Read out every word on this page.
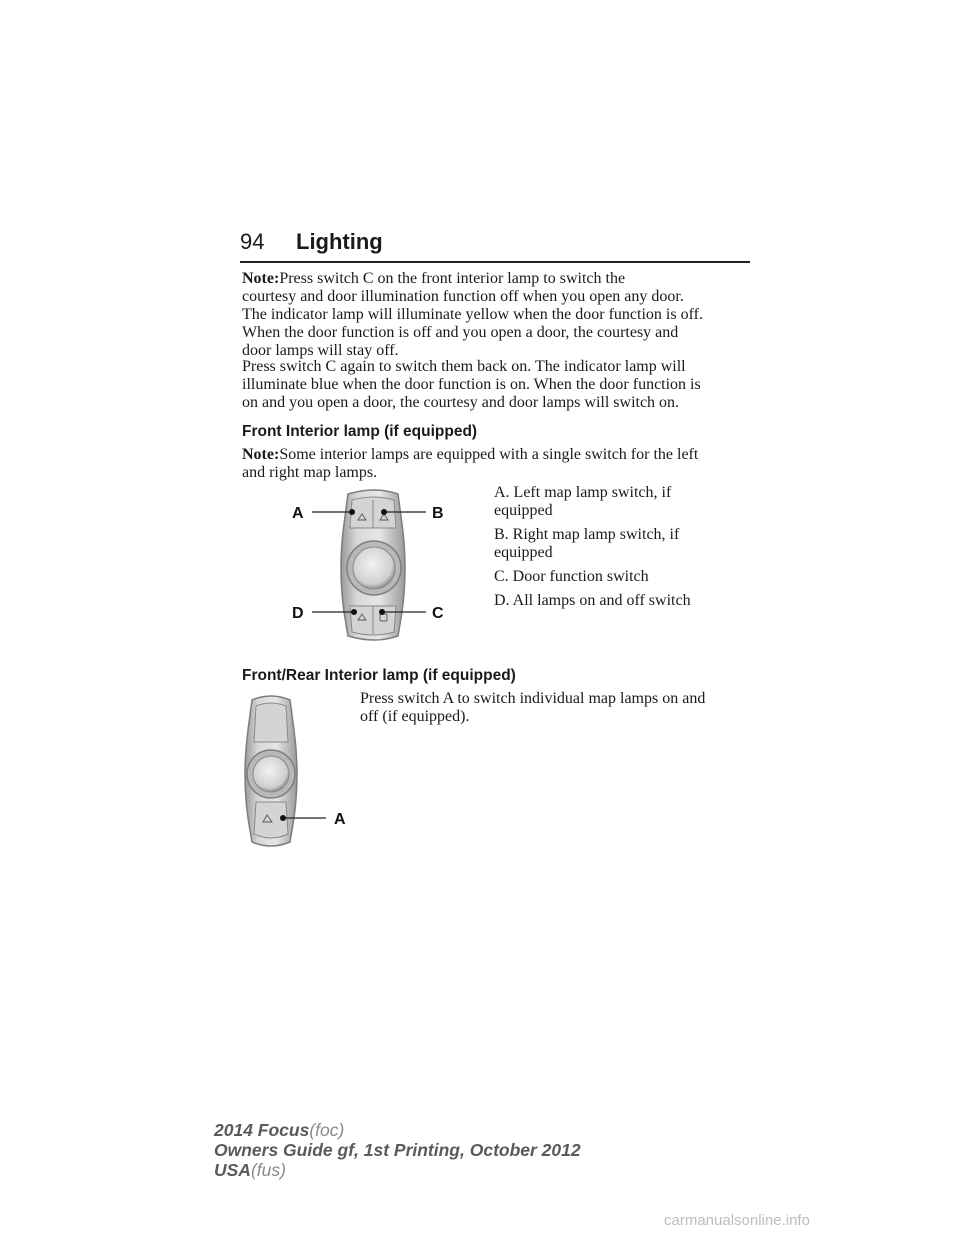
94 Lighting
Note:Press switch C on the front interior lamp to switch the
courtesy and door illumination function off when you open any door.
The indicator lamp will illuminate yellow when the door function is off.
When the door function is off and you open a door, the courtesy and
door lamps will stay off.
Press switch C again to switch them back on. The indicator lamp will
illuminate blue when the door function is on. When the door function is
on and you open a door, the courtesy and door lamps will switch on.
Front Interior lamp (if equipped)
Note:Some interior lamps are equipped with a single switch for the left
and right map lamps.
A	B
D	C

A. Left map lamp switch, if
equipped

B. Right map lamp switch, if
equipped

C. Door function switch

D. All lamps on and off switch

Front/Rear Interior lamp (if equipped)
Press switch A to switch individual map lamps on and
off (if equipped).
A
2014 Focus(foc)
Owners Guide gf, 1st Printing, October 2012
USA(fus)
carmanualsonline.info
